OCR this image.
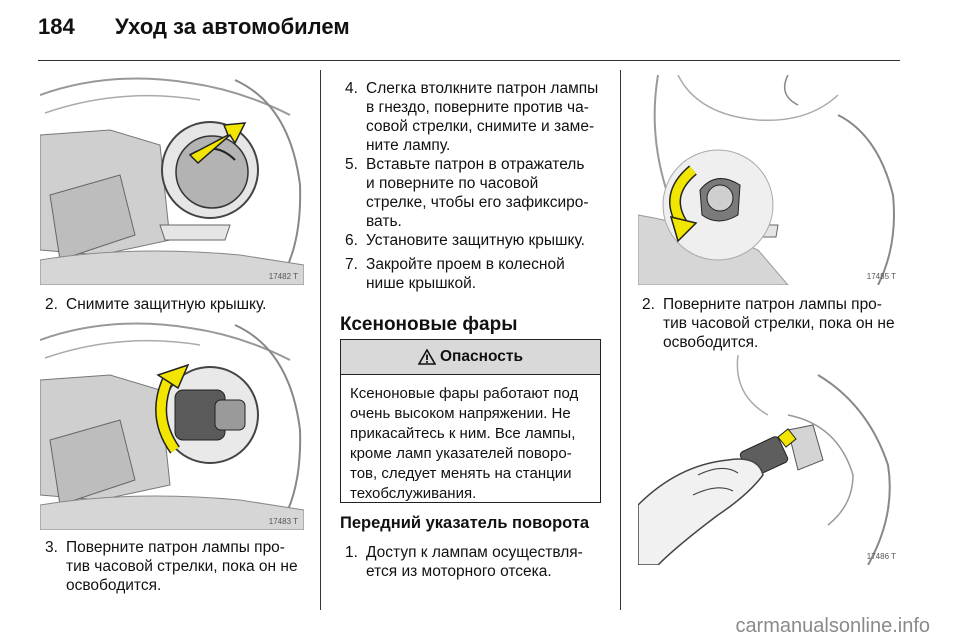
184 Уход за автомобилем
17482 T
2. Снимите защитную крышку.
17483 T
3. Поверните патрон лампы про-
тив часовой стрелки, пока он не
освободится.
4. Слегка втолкните патрон лампы
в гнездо, поверните против ча-
совой стрелки, снимите и заме-
ните лампу.
5. Вставьте патрон в отражатель
и поверните по часовой
стрелке, чтобы его зафиксиро-
вать.
6. Установите защитную крышку.
7. Закройте проем в колесной
нише крышкой.
Ксеноновые фары
Опасность
Ксеноновые фары работают под
очень высоком напряжении. Не
прикасайтесь к ним. Все лампы,
кроме ламп указателей поворо-
тов, следует менять на станции
техобслуживания.
Передний указатель поворота
1. Доступ к лампам осуществля-
ется из моторного отсека.
17485 T
2. Поверните патрон лампы про-
тив часовой стрелки, пока он не
освободится.
17486 T
carmanualsonline.info
